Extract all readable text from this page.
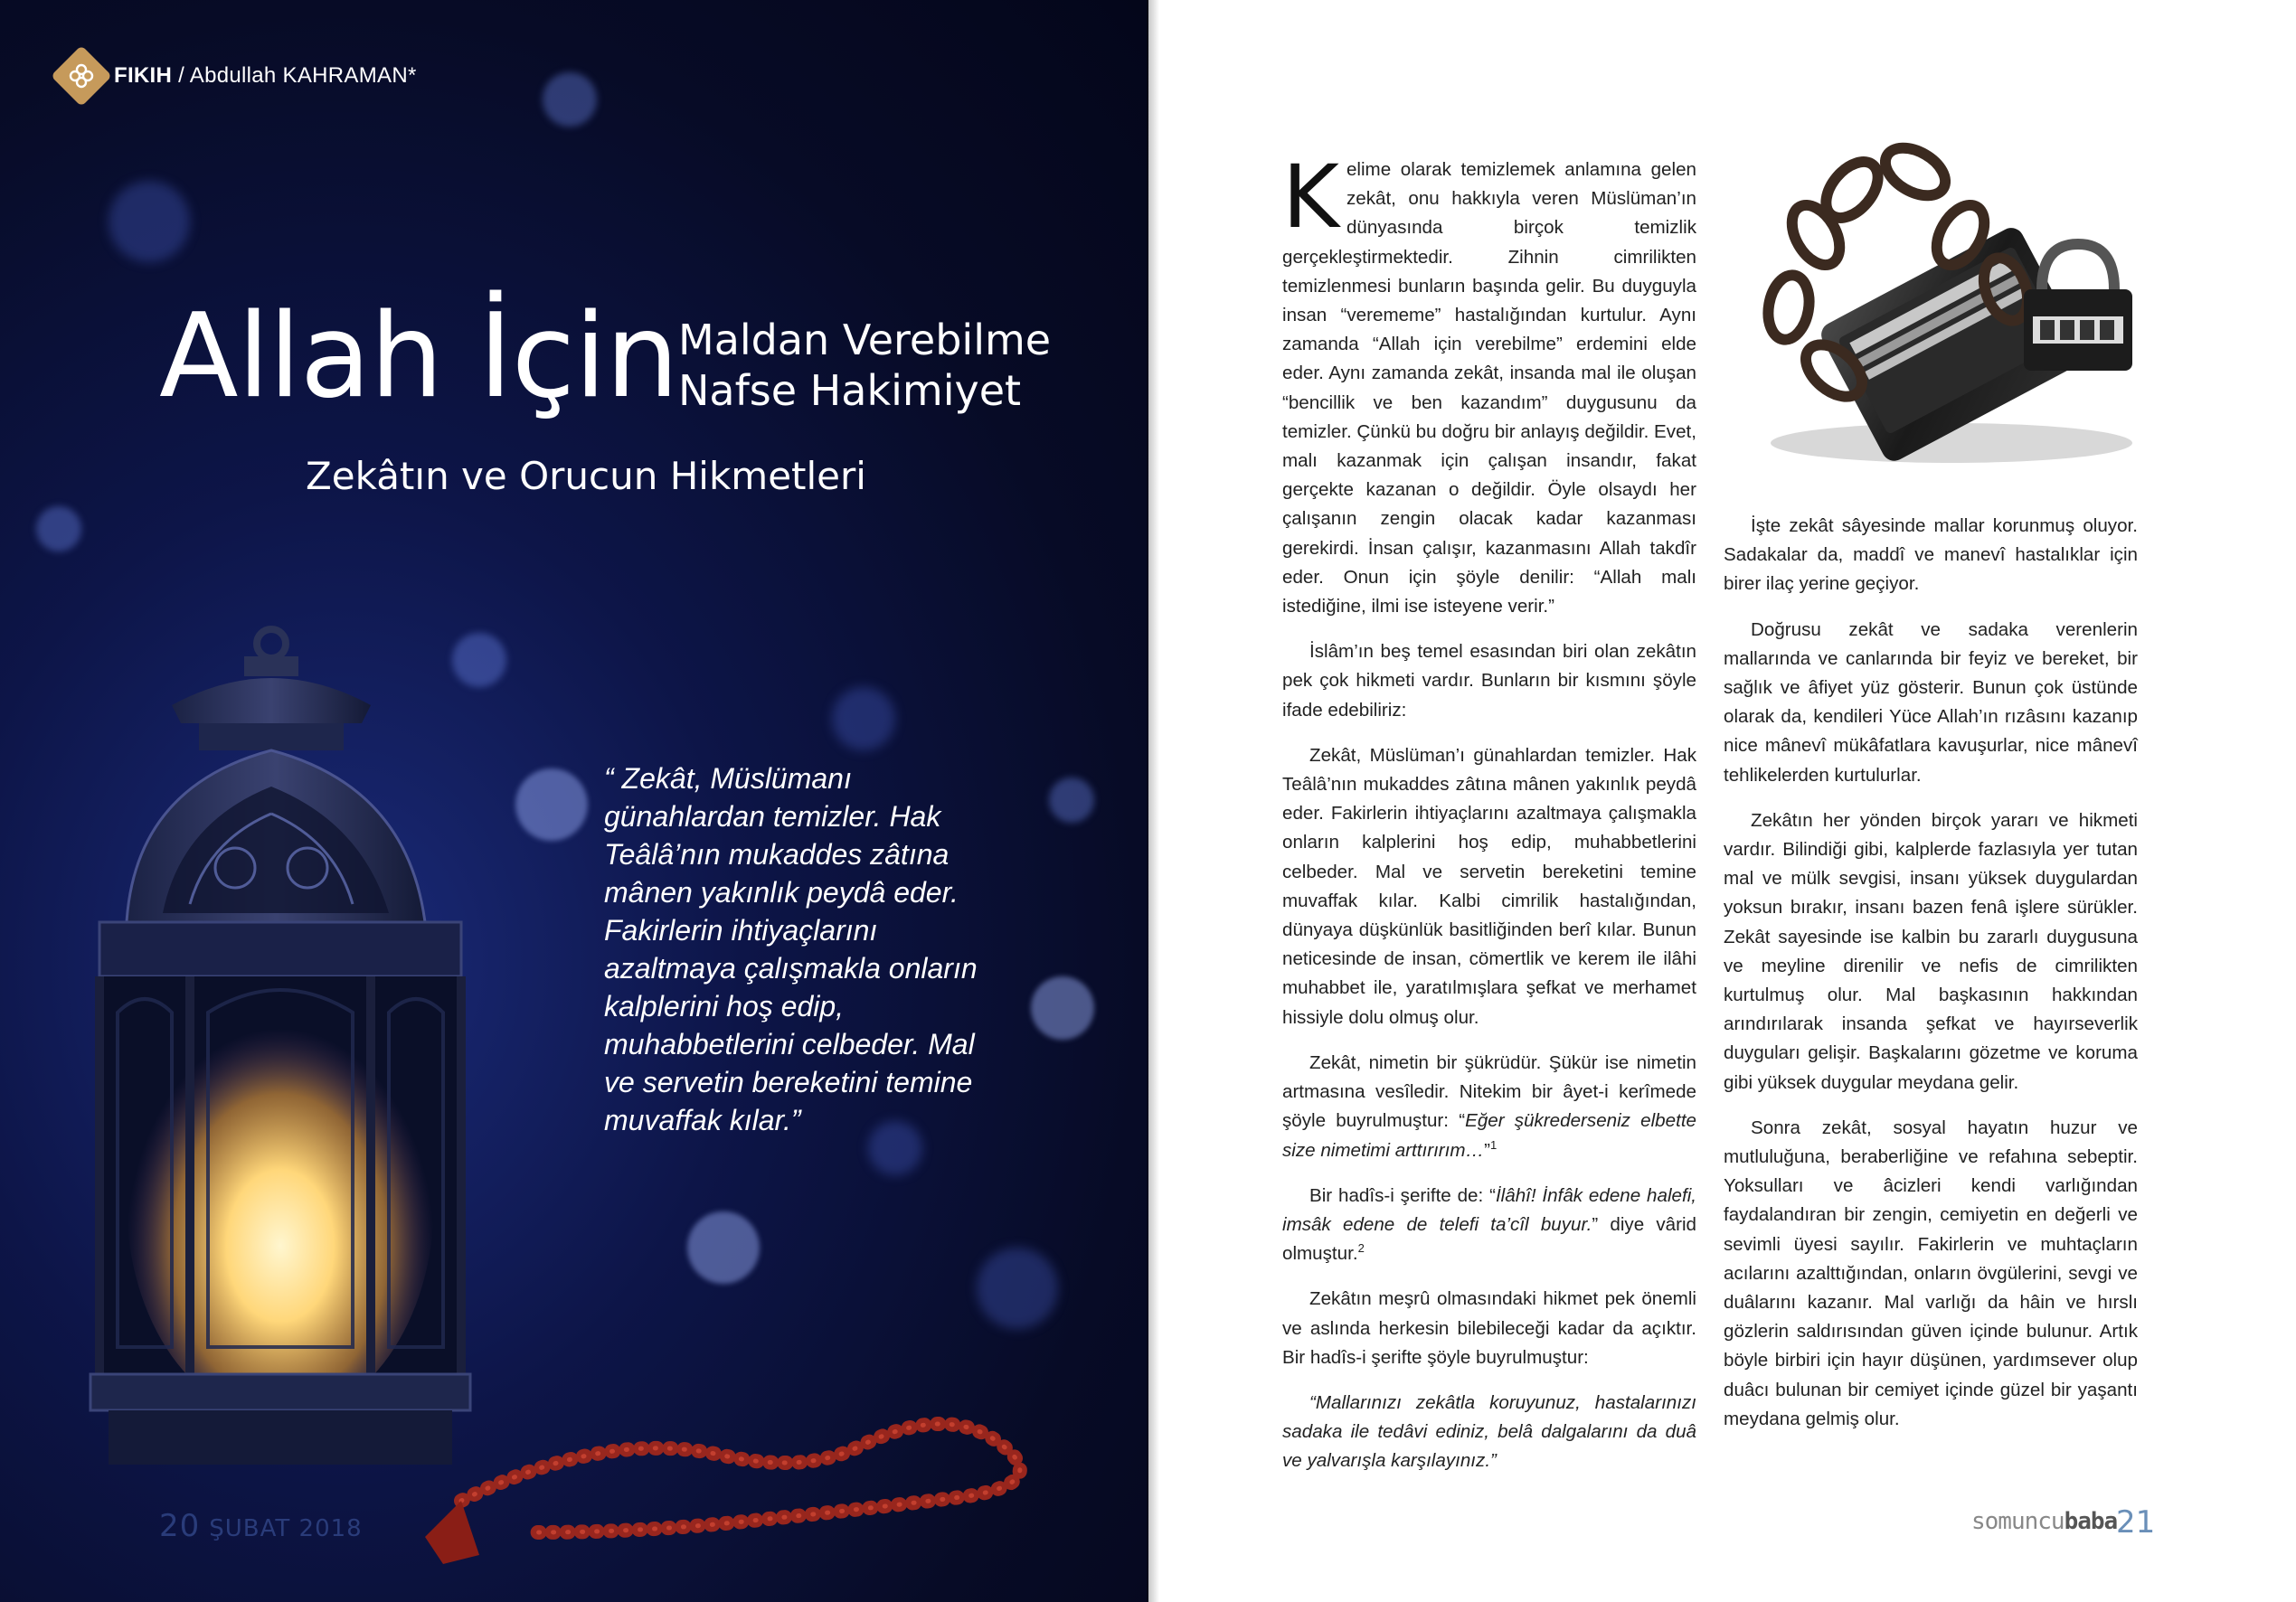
FIKIH / Abdullah KAHRAMAN*
Allah İçin Maldan Verebilme
Nafse Hakimiyet
Zekâtın ve Orucun Hikmetleri
“ Zekât, Müslümanı günahlardan temizler. Hak Teâlâ’nın mukaddes zâtına mânen yakınlık peydâ eder. Fakirlerin ihtiyaçlarını azaltmaya çalışmakla onların kalplerini hoş edip, muhabbetlerini celbeder. Mal ve servetin bereketini temine muvaffak kılar.”
20 ŞUBAT 2018

Kelime olarak temizlemek anlamına gelen zekât, onu hakkıyla veren Müslüman’ın dünyasında birçok temizlik gerçekleştirmektedir. Zihnin cimrilikten temizlenmesi bunların başında gelir. Bu duyguyla insan “verememe” hastalığından kurtulur. Aynı zamanda “Allah için verebilme” erdemini elde eder. Aynı zamanda zekât, insanda mal ile oluşan “bencillik ve ben kazandım” duygusunu da temizler. Çünkü bu doğru bir anlayış değildir. Evet, malı kazanmak için çalışan insandır, fakat gerçekte kazanan o değildir. Öyle olsaydı her çalışanın zengin olacak kadar kazanması gerekirdi. İnsan çalışır, kazanmasını Allah takdîr eder. Onun için şöyle denilir: “Allah malı istediğine, ilmi ise isteyene verir.”

İslâm’ın beş temel esasından biri olan zekâtın pek çok hikmeti vardır. Bunların bir kısmını şöyle ifade edebiliriz:

Zekât, Müslüman’ı günahlardan temizler. Hak Teâlâ’nın mukaddes zâtına mânen yakınlık peydâ eder. Fakirlerin ihtiyaçlarını azaltmaya çalışmakla onların kalplerini hoş edip, muhabbetlerini celbeder. Mal ve servetin bereketini temine muvaffak kılar. Kalbi cimrilik hastalığından, dünyaya düşkünlük basitliğinden berî kılar. Bunun neticesinde de insan, cömertlik ve kerem ile ilâhi muhabbet ile, yaratılmışlara şefkat ve merhamet hissiyle dolu olmuş olur.

Zekât, nimetin bir şükrüdür. Şükür ise nimetin artmasına vesîledir. Nitekim bir âyet-i kerîmede şöyle buyrulmuştur: “Eğer şükrederseniz elbette size nimetimi arttırırım…”$^1$

Bir hadîs-i şerifte de: “İlâhî! İnfâk edene halefi, imsâk edene de telefi ta’cîl buyur.” diye vârid olmuştur.$^2$

Zekâtın meşrû olmasındaki hikmet pek önemli ve aslında herkesin bilebileceği kadar da açıktır. Bir hadîs-i şerifte şöyle buyrulmuştur:

“Mallarınızı zekâtla koruyunuz, hastalarınızı sadaka ile tedâvi ediniz, belâ dalgalarını da duâ ve yalvarışla karşılayınız.”

İşte zekât sâyesinde mallar korunmuş oluyor. Sadakalar da, maddî ve manevî hastalıklar için birer ilaç yerine geçiyor.

Doğrusu zekât ve sadaka verenlerin mallarında ve canlarında bir feyiz ve bereket, bir sağlık ve âfiyet yüz gösterir. Bunun çok üstünde olarak da, kendileri Yüce Allah’ın rızâsını kazanıp nice mânevî mükâfatlara kavuşurlar, nice mânevî tehlikelerden kurtulurlar.

Zekâtın her yönden birçok yararı ve hikmeti vardır. Bilindiği gibi, kalplerde fazlasıyla yer tutan mal ve mülk sevgisi, insanı yüksek duygulardan yoksun bırakır, insanı bazen fenâ işlere sürükler. Zekât sayesinde ise kalbin bu zararlı duygusuna ve meyline direnilir ve nefis de cimrilikten kurtulmuş olur. Mal başkasının hakkından arındırılarak insanda şefkat ve hayırseverlik duyguları gelişir. Başkalarını gözetme ve koruma gibi yüksek duygular meydana gelir.

Sonra zekât, sosyal hayatın huzur ve mutluluğuna, beraberliğine ve refahına sebeptir. Yoksulları ve âcizleri kendi varlığından faydalandıran bir zengin, cemiyetin en değerli ve sevimli üyesi sayılır. Fakirlerin ve muhtaçların acılarını azalttığından, onların övgülerini, sevgi ve duâlarını kazanır. Mal varlığı da hâin ve hırslı gözlerin saldırısından güven içinde bulunur. Artık böyle birbiri için hayır düşünen, yardımsever olup duâcı bulunan bir cemiyet içinde güzel bir yaşantı meydana gelmiş olur.

somuncubaba
21
